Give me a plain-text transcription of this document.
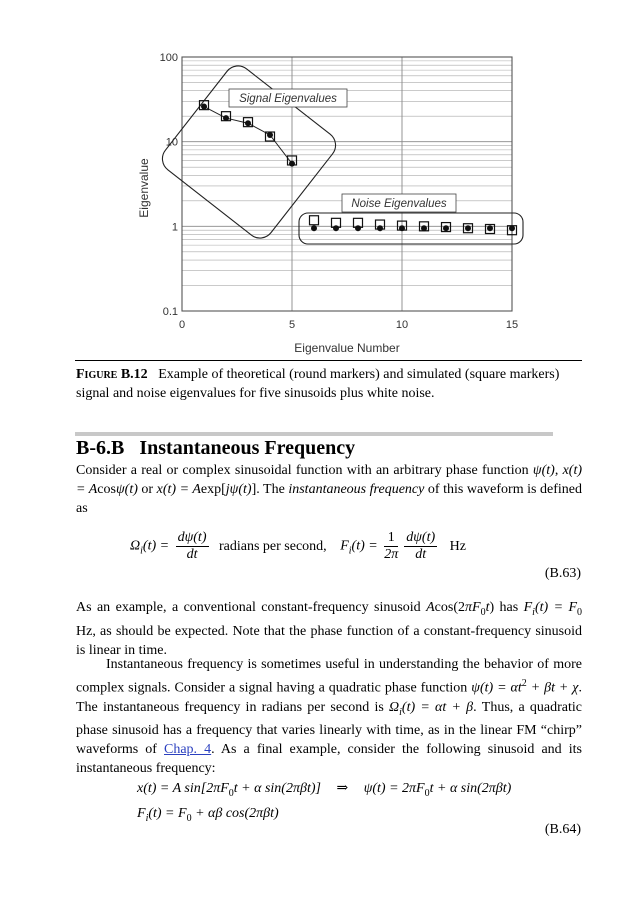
0.1
1
10
100
0	5	10	15
Signal Eigenvalues
Noise Eigenvalues
Eigenvalue Number
Eigenvalue
Figure B.12 Example of theoretical (round markers) and simulated (square markers) signal and noise eigenvalues for five sinusoids plus white noise.
B-6.B   Instantaneous Frequency
Consider a real or complex sinusoidal function with an arbitrary phase function ψ(t), x(t) = Acosψ(t) or x(t) = Aexp[jψ(t)]. The instantaneous frequency of this waveform is defined as
$\Omega_i(t) = \frac{d\psi(t)}{dt}$ radians per second, $F_i(t) = \frac{1}{2\pi} \frac{d\psi(t)}{dt}$ Hz
(B.63)
As an example, a conventional constant-frequency sinusoid $Acos(2\pi F_0t)$ has $F_i(t) = F_0$ Hz, as should be expected. Note that the phase function of a constant-frequency sinusoid is linear in time.
Instantaneous frequency is sometimes useful in understanding the behavior of more complex signals. Consider a signal having a quadratic phase function $\psi(t) = \alpha t^2 + \beta t + \chi$. The instantaneous frequency in radians per second is $\Omega_i(t) = \alpha t + \beta$. Thus, a quadratic phase sinusoid has a frequency that varies linearly with time, as in the linear FM “chirp” waveforms of Chap. 4. As a final example, consider the following sinusoid and its instantaneous frequency:
x(t) = A $\sin[2\pi F_0t + \alpha$ sin(2πβt)] ⇒ $\psi(t) = 2\pi F_0t + \alpha$ sin(2πβt)
$F_i(t) = F_0 + \alpha\beta$ cos(2πβt)
(B.64)
